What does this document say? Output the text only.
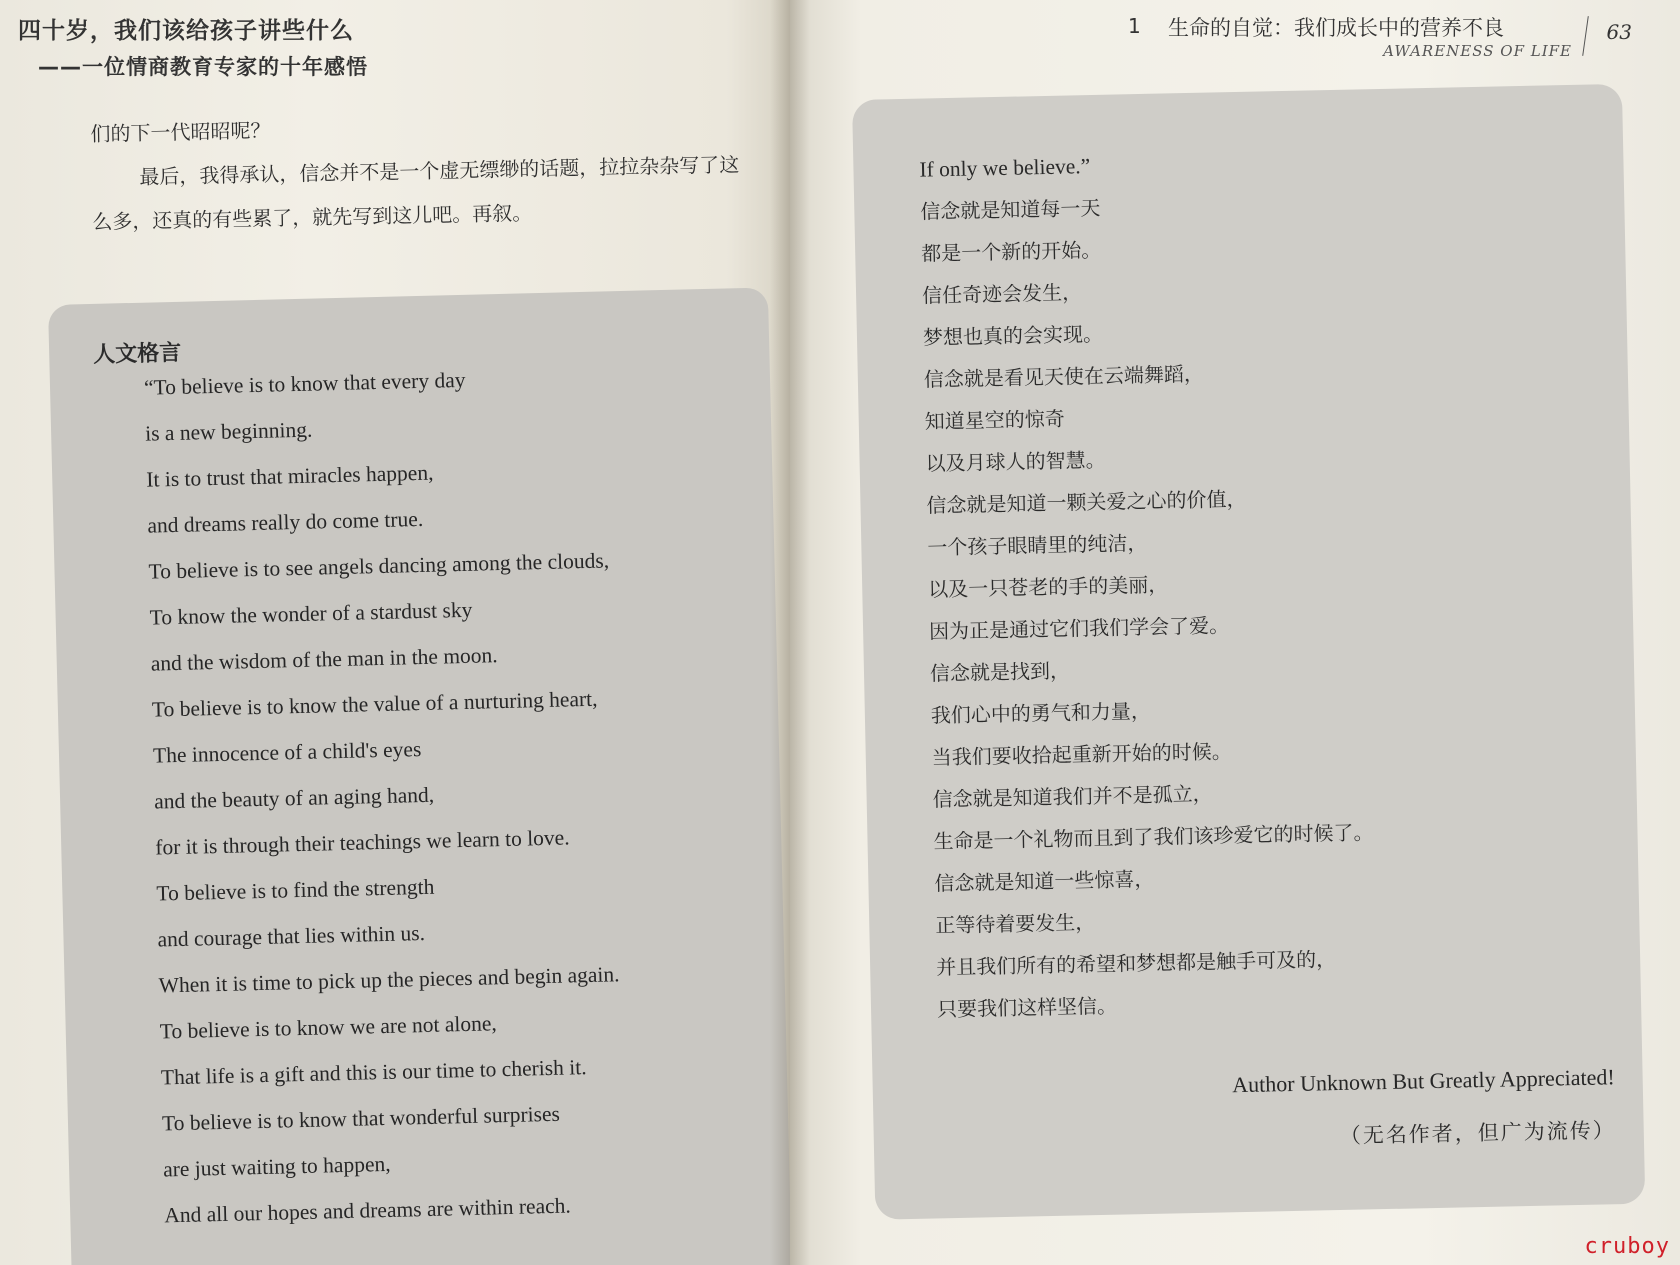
四十岁，我们该给孩子讲些什么
——一位情商教育专家的十年感悟

们的下一代昭昭呢？

最后，我得承认，信念并不是一个虚无缥缈的话题，拉拉杂杂写了这么多，还真的有些累了，就先写到这儿吧。再叙。

人文格言
“To believe is to know that every day
is a new beginning.
It is to trust that miracles happen,
and dreams really do come true.
To believe is to see angels dancing among the clouds,
To know the wonder of a stardust sky
and the wisdom of the man in the moon.
To believe is to know the value of a nurturing heart,
The innocence of a child's eyes
and the beauty of an aging hand,
for it is through their teachings we learn to love.
To believe is to find the strength
and courage that lies within us.
When it is time to pick up the pieces and begin again.
To believe is to know we are not alone,
That life is a gift and this is our time to cherish it.
To believe is to know that wonderful surprises
are just waiting to happen,
And all our hopes and dreams are within reach.
1 生命的自觉：我们成长中的营养不良
AWARENESS OF LIFE
63
If only we believe.”
信念就是知道每一天
都是一个新的开始。
信任奇迹会发生，
梦想也真的会实现。
信念就是看见天使在云端舞蹈，
知道星空的惊奇
以及月球人的智慧。
信念就是知道一颗关爱之心的价值，
一个孩子眼睛里的纯洁，
以及一只苍老的手的美丽，
因为正是通过它们我们学会了爱。
信念就是找到，
我们心中的勇气和力量，
当我们要收拾起重新开始的时候。
信念就是知道我们并不是孤立，
生命是一个礼物而且到了我们该珍爱它的时候了。
信念就是知道一些惊喜，
正等待着要发生，
并且我们所有的希望和梦想都是触手可及的，
只要我们这样坚信。
Author Unknown But Greatly Appreciated!
（无名作者，但广为流传）
cruboy
